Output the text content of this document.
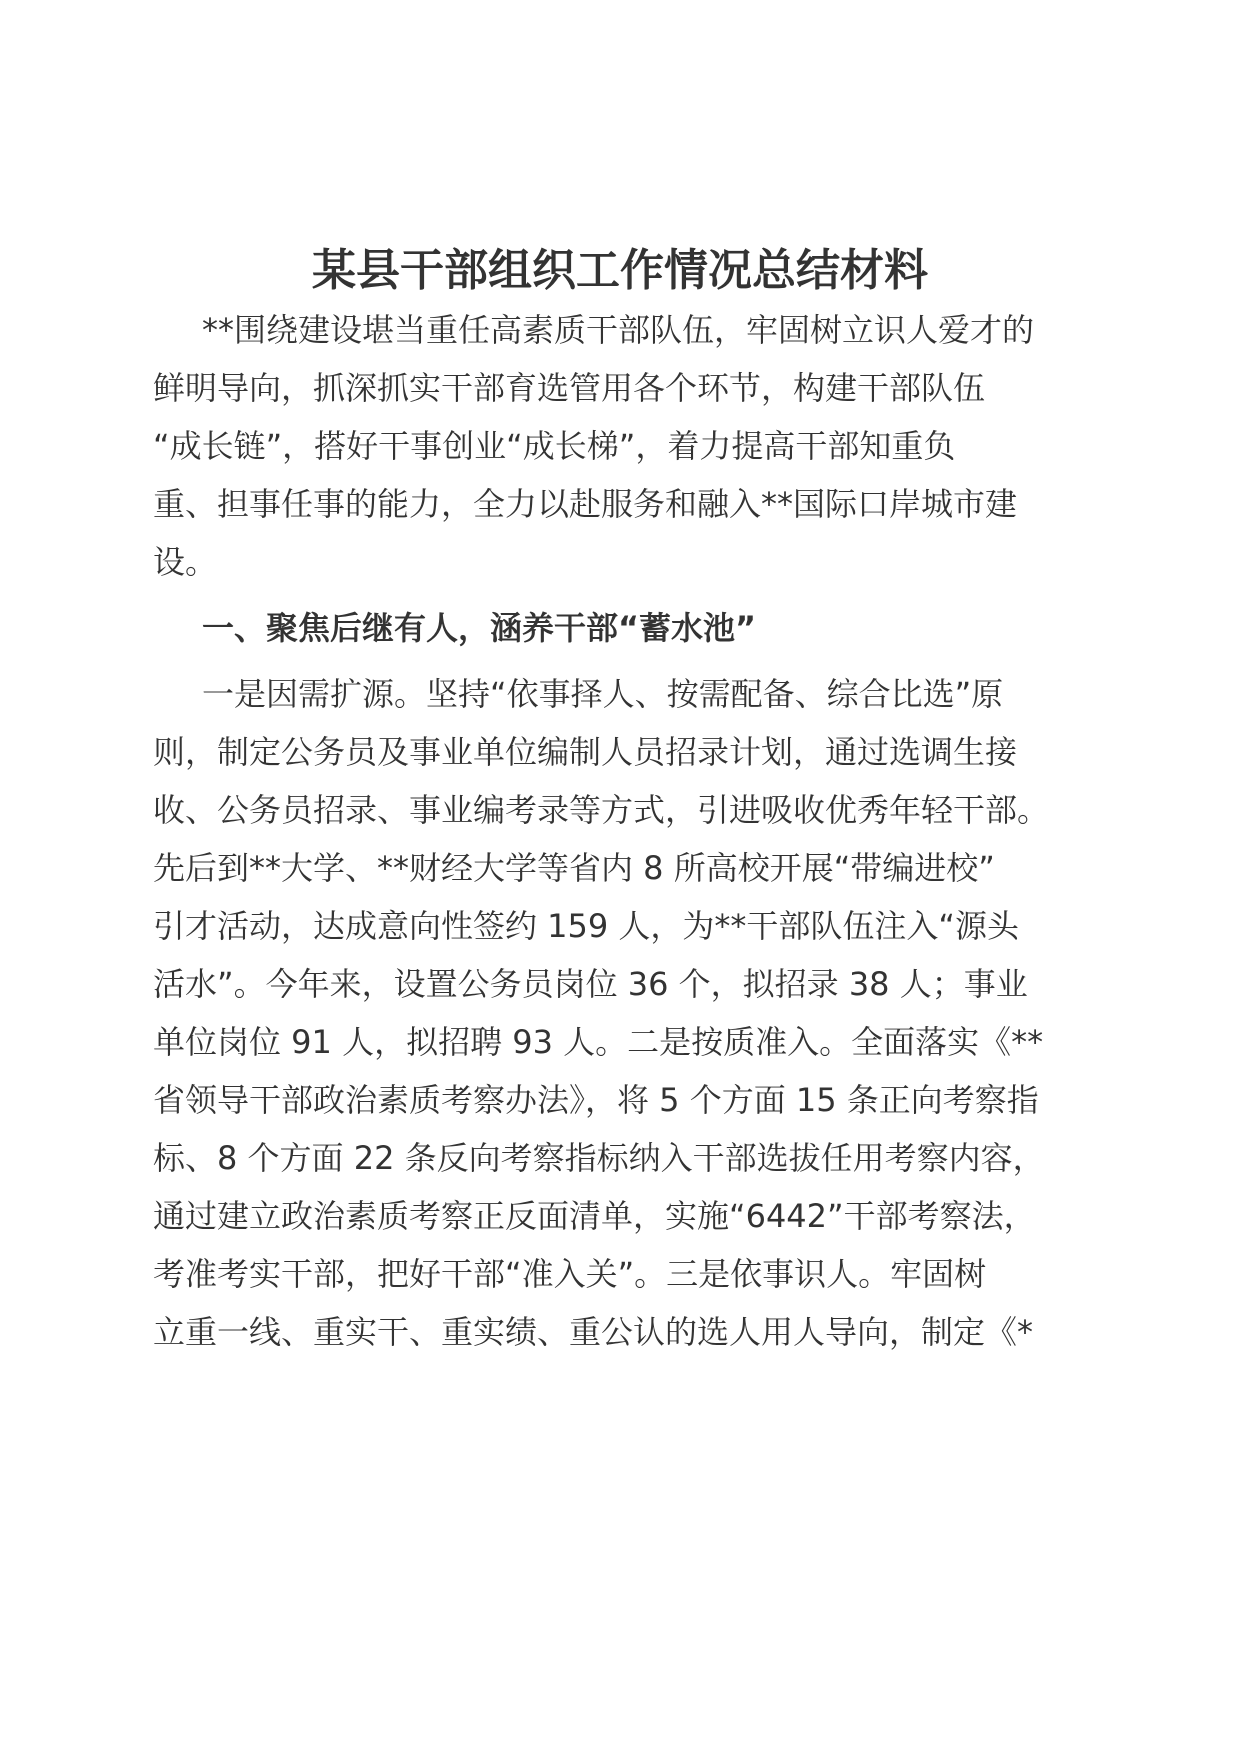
某县干部组织工作情况总结材料

**围绕建设堪当重任高素质干部队伍，牢固树立识人爱才的

鲜明导向，抓深抓实干部育选管用各个环节，构建干部队伍

“成长链”，搭好干事创业“成长梯”，着力提高干部知重负

重、担事任事的能力，全力以赴服务和融入**国际口岸城市建

设。

一、聚焦后继有人，涵养干部“蓄水池”

一是因需扩源。坚持“依事择人、按需配备、综合比选”原

则，制定公务员及事业单位编制人员招录计划，通过选调生接

收、公务员招录、事业编考录等方式，引进吸收优秀年轻干部。

先后到**大学、**财经大学等省内 8 所高校开展“带编进校”

引才活动，达成意向性签约 159 人，为**干部队伍注入“源头

活水”。今年来，设置公务员岗位 36 个，拟招录 38 人；事业

单位岗位 91 人，拟招聘 93 人。二是按质准入。全面落实《**

省领导干部政治素质考察办法》，将 5 个方面 15 条正向考察指

标、8 个方面 22 条反向考察指标纳入干部选拔任用考察内容，

通过建立政治素质考察正反面清单，实施“6442”干部考察法，

考准考实干部，把好干部“准入关”。三是依事识人。牢固树

立重一线、重实干、重实绩、重公认的选人用人导向，制定《*
